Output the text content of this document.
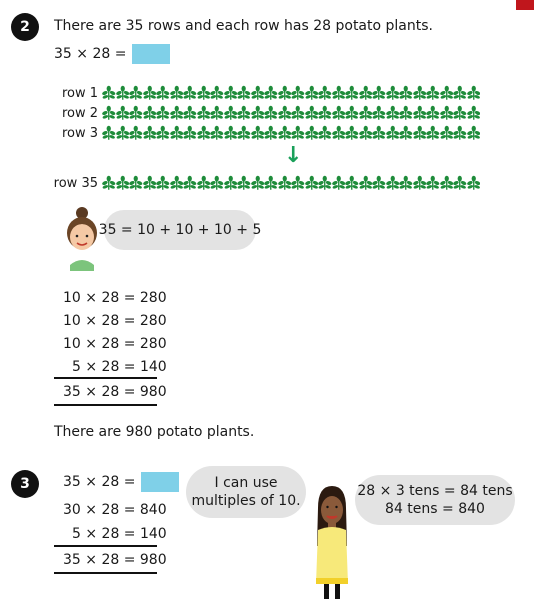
2	There are 35 rows and each row has 28 potato plants.
35 × 28 =
row 1
row 2
row 3
↓
row 35
35 = 10 + 10 + 10 + 5
10 × 28 = 280
10 × 28 = 280
10 × 28 = 280
5 × 28 = 140
35 × 28 = 980
There are 980 potato plants.
3	35 × 28 =
30 × 28 = 840
5 × 28 = 140
35 × 28 = 980
I can use
multiples of 10.
28 × 3 tens = 84 tens
84 tens = 840
